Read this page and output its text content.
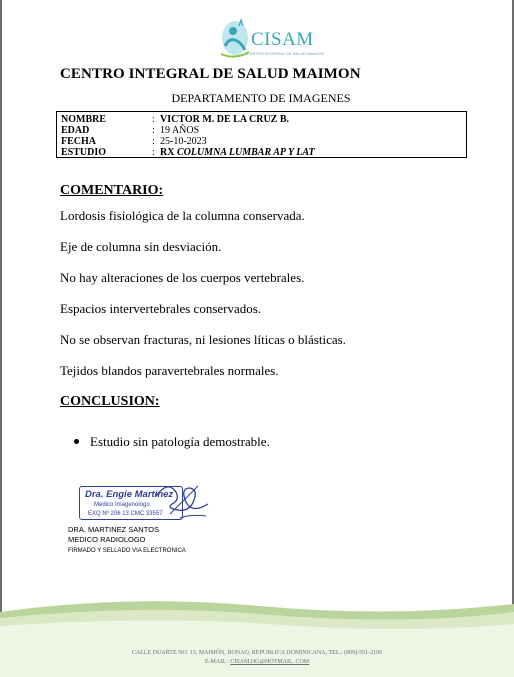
CISAM
CENTRO INTEGRAL DE SALUD MAIMON
CENTRO INTEGRAL DE SALUD MAIMON
DEPARTAMENTO DE IMAGENES
NOMBRE	: VICTOR M. DE LA CRUZ B.
EDAD	: 19 AÑOS
FECHA	: 25-10-2023
ESTUDIO	: RX COLUMNA LUMBAR AP Y LAT
COMENTARIO:
Lordosis fisiológica de la columna conservada.
Eje de columna sin desviación.
No hay alteraciones de los cuerpos vertebrales.
Espacios intervertebrales conservados.
No se observan fracturas, ni lesiones líticas o blásticas.
Tejidos blandos paravertebrales normales.
CONCLUSION:
Estudio sin patología demostrable.
Dra. Engie Martinez
Medico Imagenologo
EXQ Nº 206 13 CMC 33557
DRA. MARTINEZ SANTOS
MEDICO RADIOLOGO
FIRMADO Y SELLADO VIA ELECTRONICA
CALLE DUARTE NO. 13, MAIMÓN, BONAO, REPUBLICA DOMINICANA, TEL.: (809)-551-2106
E-MAIL : CISAM.DG@HOTMAIL .COM
